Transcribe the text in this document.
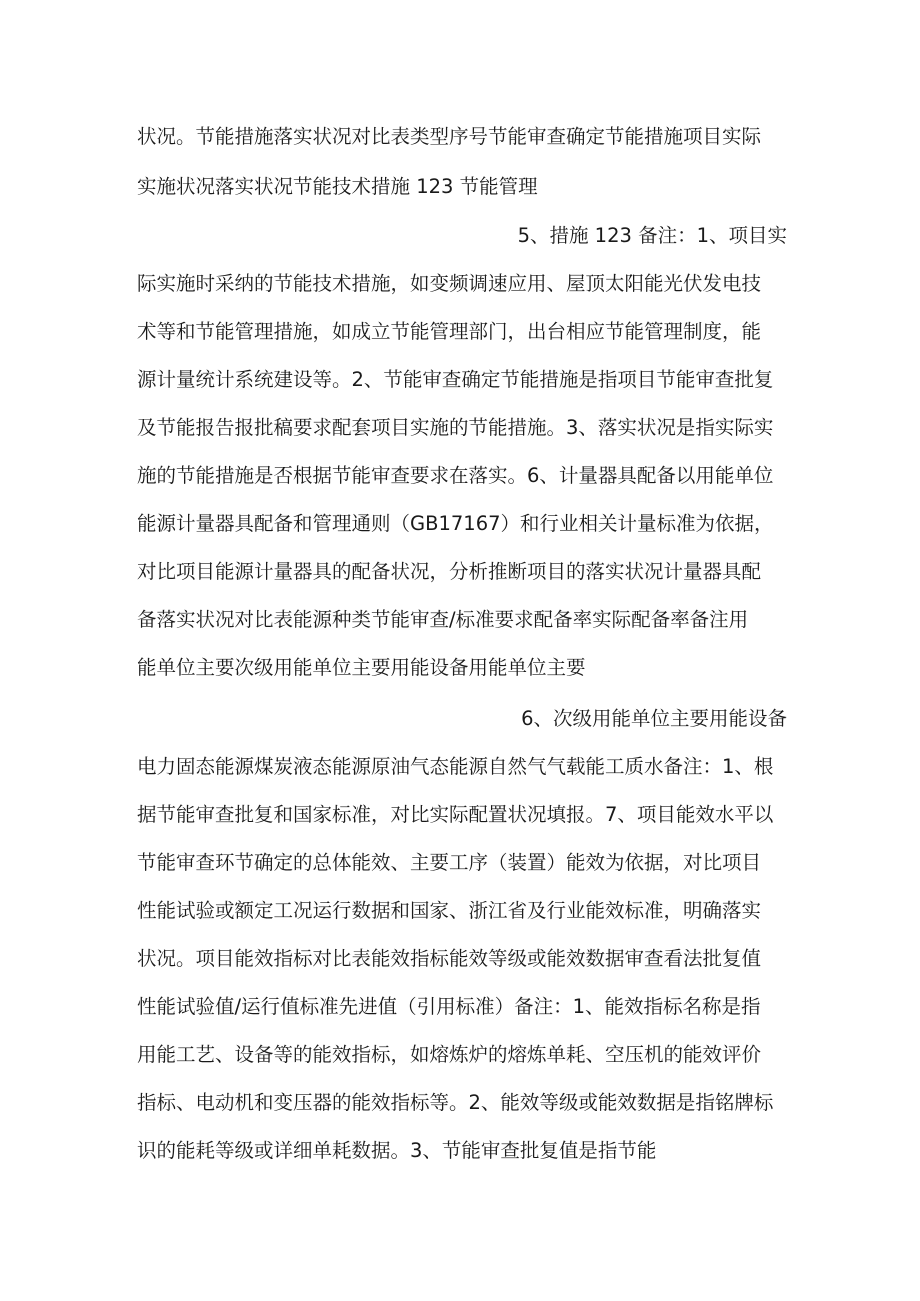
状况。节能措施落实状况对比表类型序号节能审查确定节能措施项目实际
实施状况落实状况节能技术措施 123 节能管理
5、措施 123 备注：1、项目实
际实施时采纳的节能技术措施，如变频调速应用、屋顶太阳能光伏发电技
术等和节能管理措施，如成立节能管理部门，出台相应节能管理制度，能
源计量统计系统建设等。2、节能审查确定节能措施是指项目节能审查批复
及节能报告报批稿要求配套项目实施的节能措施。3、落实状况是指实际实
施的节能措施是否根据节能审查要求在落实。6、计量器具配备以用能单位
能源计量器具配备和管理通则（GB17167）和行业相关计量标准为依据，
对比项目能源计量器具的配备状况，分析推断项目的落实状况计量器具配
备落实状况对比表能源种类节能审查/标准要求配备率实际配备率备注用
能单位主要次级用能单位主要用能设备用能单位主要
6、次级用能单位主要用能设备
电力固态能源煤炭液态能源原油气态能源自然气气载能工质水备注：1、根
据节能审查批复和国家标准，对比实际配置状况填报。7、项目能效水平以
节能审查环节确定的总体能效、主要工序（装置）能效为依据，对比项目
性能试验或额定工况运行数据和国家、浙江省及行业能效标准，明确落实
状况。项目能效指标对比表能效指标能效等级或能效数据审查看法批复值
性能试验值/运行值标准先进值（引用标准）备注：1、能效指标名称是指
用能工艺、设备等的能效指标，如熔炼炉的熔炼单耗、空压机的能效评价
指标、电动机和变压器的能效指标等。2、能效等级或能效数据是指铭牌标
识的能耗等级或详细单耗数据。3、节能审查批复值是指节能
